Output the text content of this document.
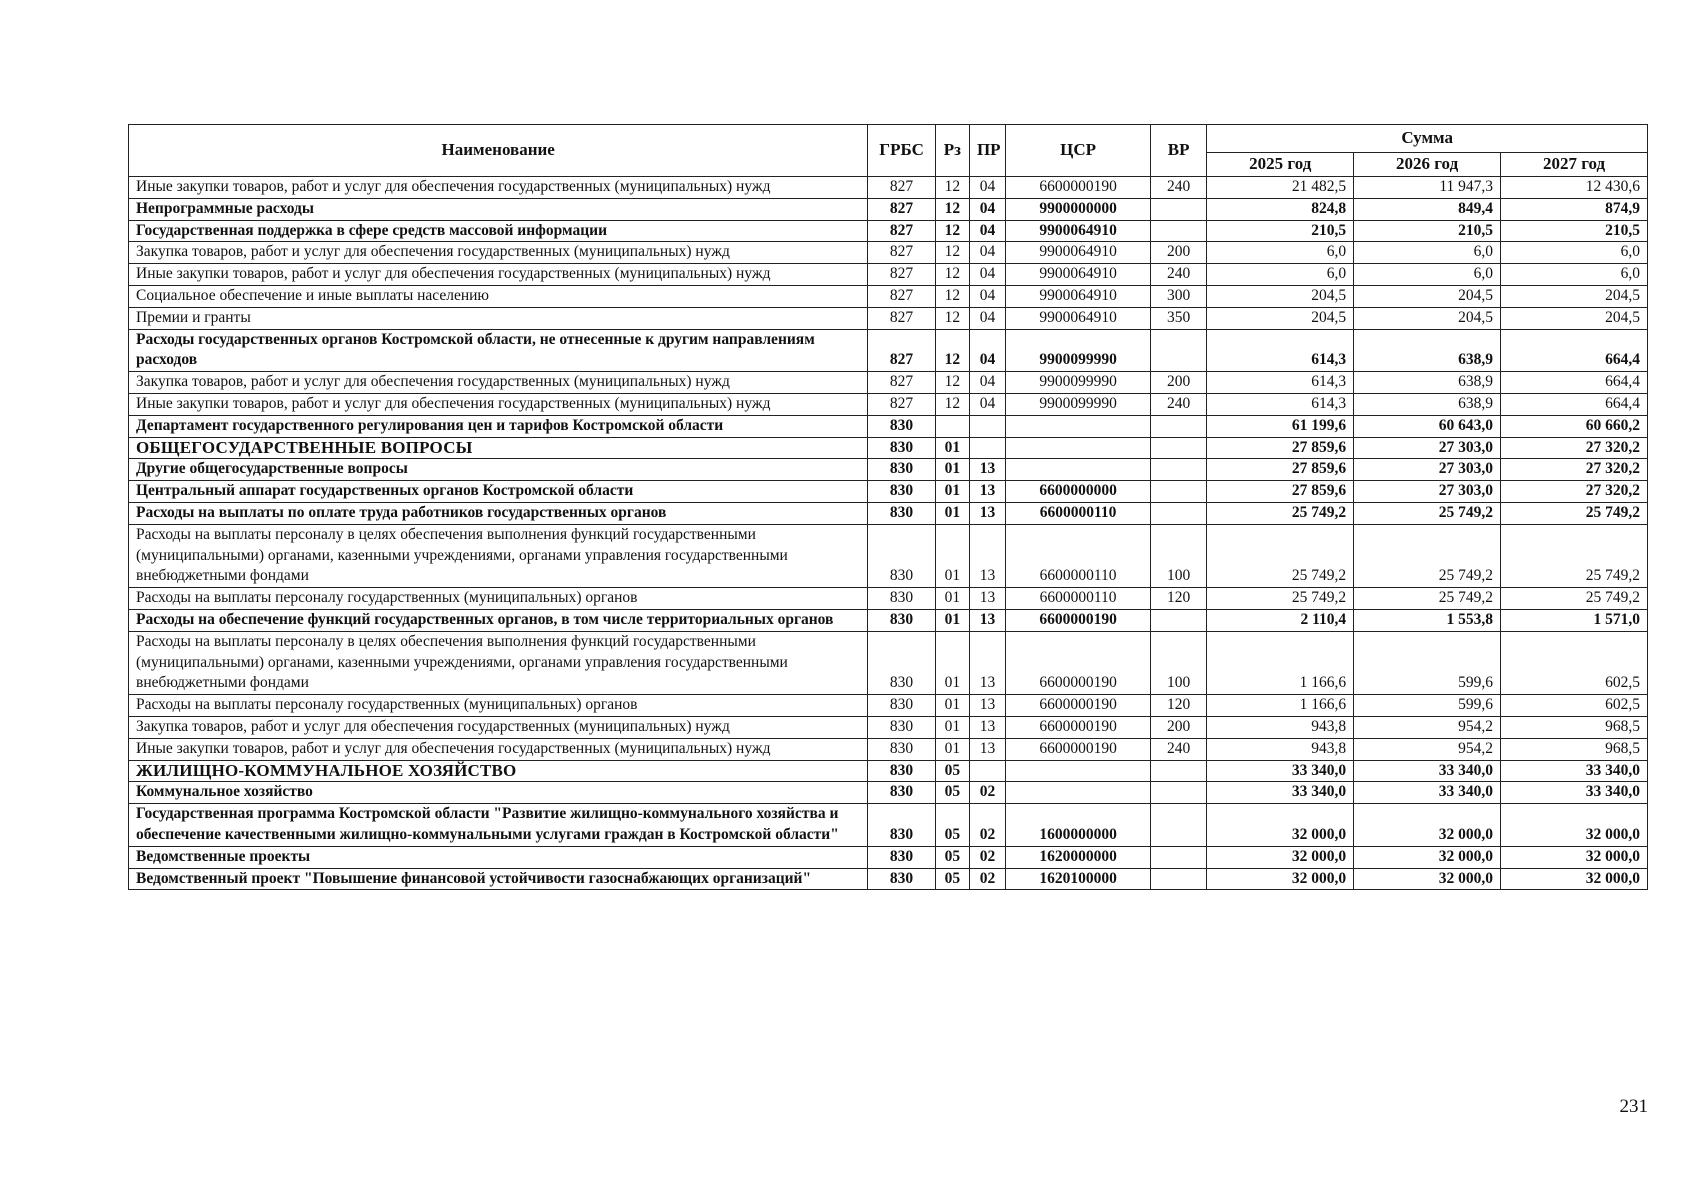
Наименование	ГРБС	Рз	ПР	ЦСР	ВР	Сумма		
						2025 год	2026 год	2027 год
Иные закупки товаров, работ и услуг для обеспечения государственных (муниципальных) нужд	827	12	04	6600000190	240	21 482,5	11 947,3	12 430,6
Непрограммные расходы	827	12	04	9900000000		824,8	849,4	874,9
Государственная поддержка в сфере средств массовой информации	827	12	04	9900064910		210,5	210,5	210,5
Закупка товаров, работ и услуг для обеспечения государственных (муниципальных) нужд	827	12	04	9900064910	200	6,0	6,0	6,0
Иные закупки товаров, работ и услуг для обеспечения государственных (муниципальных) нужд	827	12	04	9900064910	240	6,0	6,0	6,0
Социальное обеспечение и иные выплаты населению	827	12	04	9900064910	300	204,5	204,5	204,5
Премии и гранты	827	12	04	9900064910	350	204,5	204,5	204,5
Расходы государственных органов Костромской области, не отнесенные к другим направлениям расходов	827	12	04	9900099990		614,3	638,9	664,4
Закупка товаров, работ и услуг для обеспечения государственных (муниципальных) нужд	827	12	04	9900099990	200	614,3	638,9	664,4
Иные закупки товаров, работ и услуг для обеспечения государственных (муниципальных) нужд	827	12	04	9900099990	240	614,3	638,9	664,4
Департамент государственного регулирования цен и тарифов Костромской области	830					61 199,6	60 643,0	60 660,2
ОБЩЕГОСУДАРСТВЕННЫЕ ВОПРОСЫ	830	01				27 859,6	27 303,0	27 320,2
Другие общегосударственные вопросы	830	01	13			27 859,6	27 303,0	27 320,2
Центральный аппарат государственных органов Костромской области	830	01	13	6600000000		27 859,6	27 303,0	27 320,2
Расходы на выплаты по оплате труда работников государственных органов	830	01	13	6600000110		25 749,2	25 749,2	25 749,2
Расходы на выплаты персоналу в целях обеспечения выполнения функций государственными (муниципальными) органами, казенными учреждениями, органами управления государственными внебюджетными фондами	830	01	13	6600000110	100	25 749,2	25 749,2	25 749,2
Расходы на выплаты персоналу государственных (муниципальных) органов	830	01	13	6600000110	120	25 749,2	25 749,2	25 749,2
Расходы на обеспечение функций государственных органов, в том числе территориальных органов	830	01	13	6600000190		2 110,4	1 553,8	1 571,0
Расходы на выплаты персоналу в целях обеспечения выполнения функций государственными (муниципальными) органами, казенными учреждениями, органами управления государственными внебюджетными фондами	830	01	13	6600000190	100	1 166,6	599,6	602,5
Расходы на выплаты персоналу государственных (муниципальных) органов	830	01	13	6600000190	120	1 166,6	599,6	602,5
Закупка товаров, работ и услуг для обеспечения государственных (муниципальных) нужд	830	01	13	6600000190	200	943,8	954,2	968,5
Иные закупки товаров, работ и услуг для обеспечения государственных (муниципальных) нужд	830	01	13	6600000190	240	943,8	954,2	968,5
ЖИЛИЩНО-КОММУНАЛЬНОЕ ХОЗЯЙСТВО	830	05				33 340,0	33 340,0	33 340,0
Коммунальное хозяйство	830	05	02			33 340,0	33 340,0	33 340,0
Государственная программа Костромской области "Развитие жилищно-коммунального хозяйства и обеспечение качественными жилищно-коммунальными услугами граждан в Костромской области"	830	05	02	1600000000		32 000,0	32 000,0	32 000,0
Ведомственные проекты	830	05	02	1620000000		32 000,0	32 000,0	32 000,0
Ведомственный проект "Повышение финансовой устойчивости газоснабжающих организаций"	830	05	02	1620100000		32 000,0	32 000,0	32 000,0
231
